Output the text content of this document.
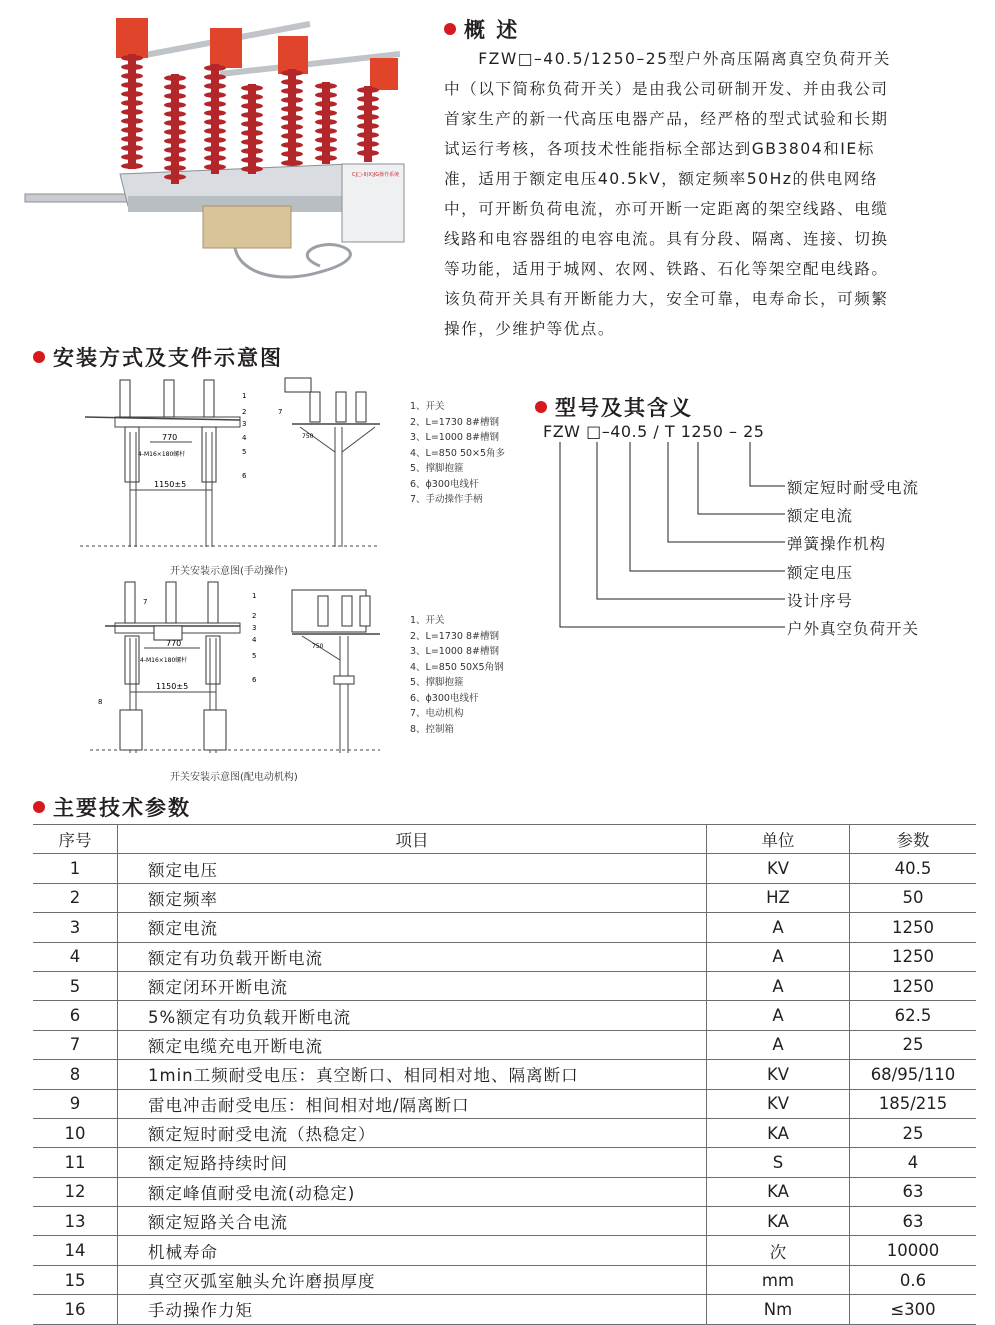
CJ□-II(X)JG操作系统
概 述
　　FZW□–40.5/1250–25型户外高压隔离真空负荷开关
中（以下简称负荷开关）是由我公司研制开发、并由我公司
首家生产的新一代高压电器产品，经严格的型式试验和长期
试运行考核，各项技术性能指标全部达到GB3804和IE标
准，适用于额定电压40.5kV，额定频率50Hz的供电网络
中，可开断负荷电流，亦可开断一定距离的架空线路、电缆
线路和电容器组的电容电流。具有分段、隔离、连接、切换
等功能，适用于城网、农网、铁路、石化等架空配电线路。
该负荷开关具有开断能力大，安全可靠，电寿命长，可频繁
操作，少维护等优点。
安装方式及支件示意图
770
4-M16×180螺杆
1150±5
1
2
3
4
5
6
7
750
1、开关
2、L=1730 8#槽钢
3、L=1000 8#槽钢
4、L=850 50×5角多
5、撑脚抱箍
6、ϕ300电线杆
7、手动操作手柄
开关安装示意图(手动操作)
770
4-M16×180螺杆
1150±5
1
2
3
4
5
6
7
8
750
1、开关
2、L=1730 8#槽钢
3、L=1000 8#槽钢
4、L=850 50X5角钢
5、撑脚抱箍
6、ϕ300电线杆
7、电动机构
8、控制箱
开关安装示意图(配电动机构)
型号及其含义
FZW □–40.5 / T 1250 – 25
额定短时耐受电流
额定电流
弹簧操作机构
额定电压
设计序号
户外真空负荷开关
主要技术参数
序号	项目	单位	参数
1	额定电压	KV	40.5
2	额定频率	HZ	50
3	额定电流	A	1250
4	额定有功负载开断电流	A	1250
5	额定闭环开断电流	A	1250
6	5%额定有功负载开断电流	A	62.5
7	额定电缆充电开断电流	A	25
8	1min工频耐受电压：真空断口、相同相对地、隔离断口	KV	68/95/110
9	雷电冲击耐受电压：相间相对地/隔离断口	KV	185/215
10	额定短时耐受电流（热稳定）	KA	25
11	额定短路持续时间	S	4
12	额定峰值耐受电流(动稳定)	KA	63
13	额定短路关合电流	KA	63
14	机械寿命	次	10000
15	真空灭弧室触头允许磨损厚度	mm	0.6
16	手动操作力矩	Nm	≤300
